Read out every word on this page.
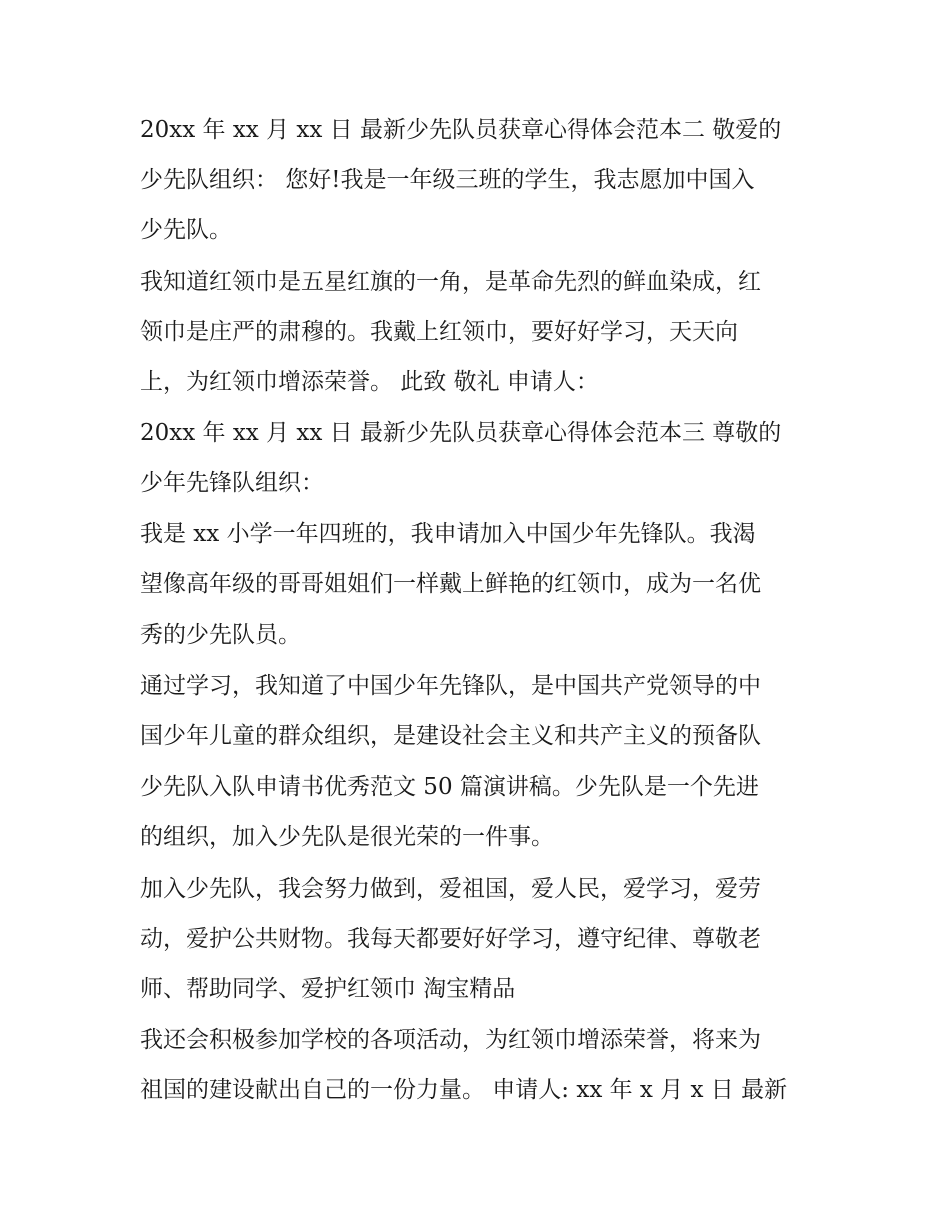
20xx 年 xx 月 xx 日 最新少先队员获章心得体会范本二 敬爱的
少先队组织： 您好!我是一年级三班的学生，我志愿加中国入
少先队。
我知道红领巾是五星红旗的一角，是革命先烈的鲜血染成，红
领巾是庄严的肃穆的。我戴上红领巾，要好好学习，天天向
上，为红领巾增添荣誉。 此致 敬礼 申请人：
20xx 年 xx 月 xx 日 最新少先队员获章心得体会范本三 尊敬的
少年先锋队组织：
我是 xx 小学一年四班的，我申请加入中国少年先锋队。我渴
望像高年级的哥哥姐姐们一样戴上鲜艳的红领巾，成为一名优
秀的少先队员。
通过学习，我知道了中国少年先锋队，是中国共产党领导的中
国少年儿童的群众组织，是建设社会主义和共产主义的预备队
少先队入队申请书优秀范文 50 篇演讲稿。少先队是一个先进
的组织，加入少先队是很光荣的一件事。
加入少先队，我会努力做到，爱祖国，爱人民，爱学习，爱劳
动，爱护公共财物。我每天都要好好学习，遵守纪律、尊敬老
师、帮助同学、爱护红领巾 淘宝精品
我还会积极参加学校的各项活动，为红领巾增添荣誉，将来为
祖国的建设献出自己的一份力量。 申请人: xx 年 x 月 x 日 最新
